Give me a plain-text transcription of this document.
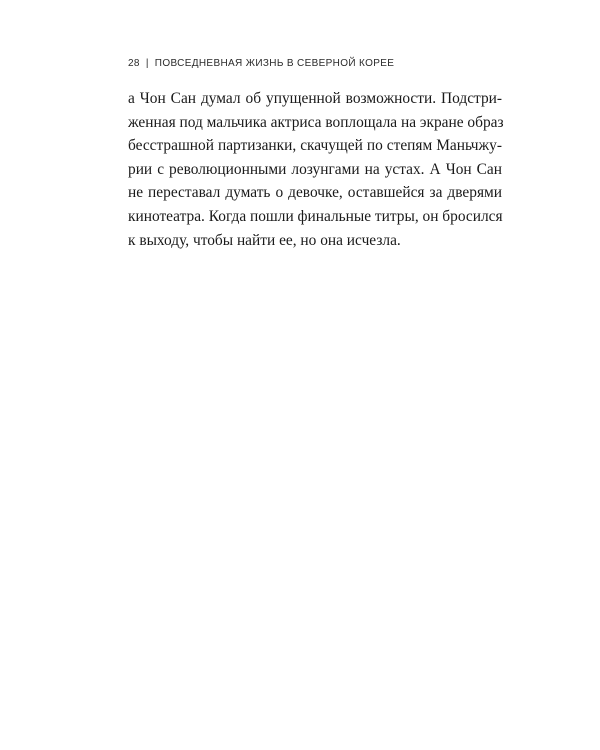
28 | ПОВСЕДНЕВНАЯ ЖИЗНЬ В СЕВЕРНОЙ КОРЕЕ
а Чон Сан думал об упущенной возможности. Подстри-
женная под мальчика актриса воплощала на экране образ
бесстрашной партизанки, скачущей по степям Маньчжу-
рии с революционными лозунгами на устах. А Чон Сан
не переставал думать о девочке, оставшейся за дверями
кинотеатра. Когда пошли финальные титры, он бросился
к выходу, чтобы найти ее, но она исчезла.
